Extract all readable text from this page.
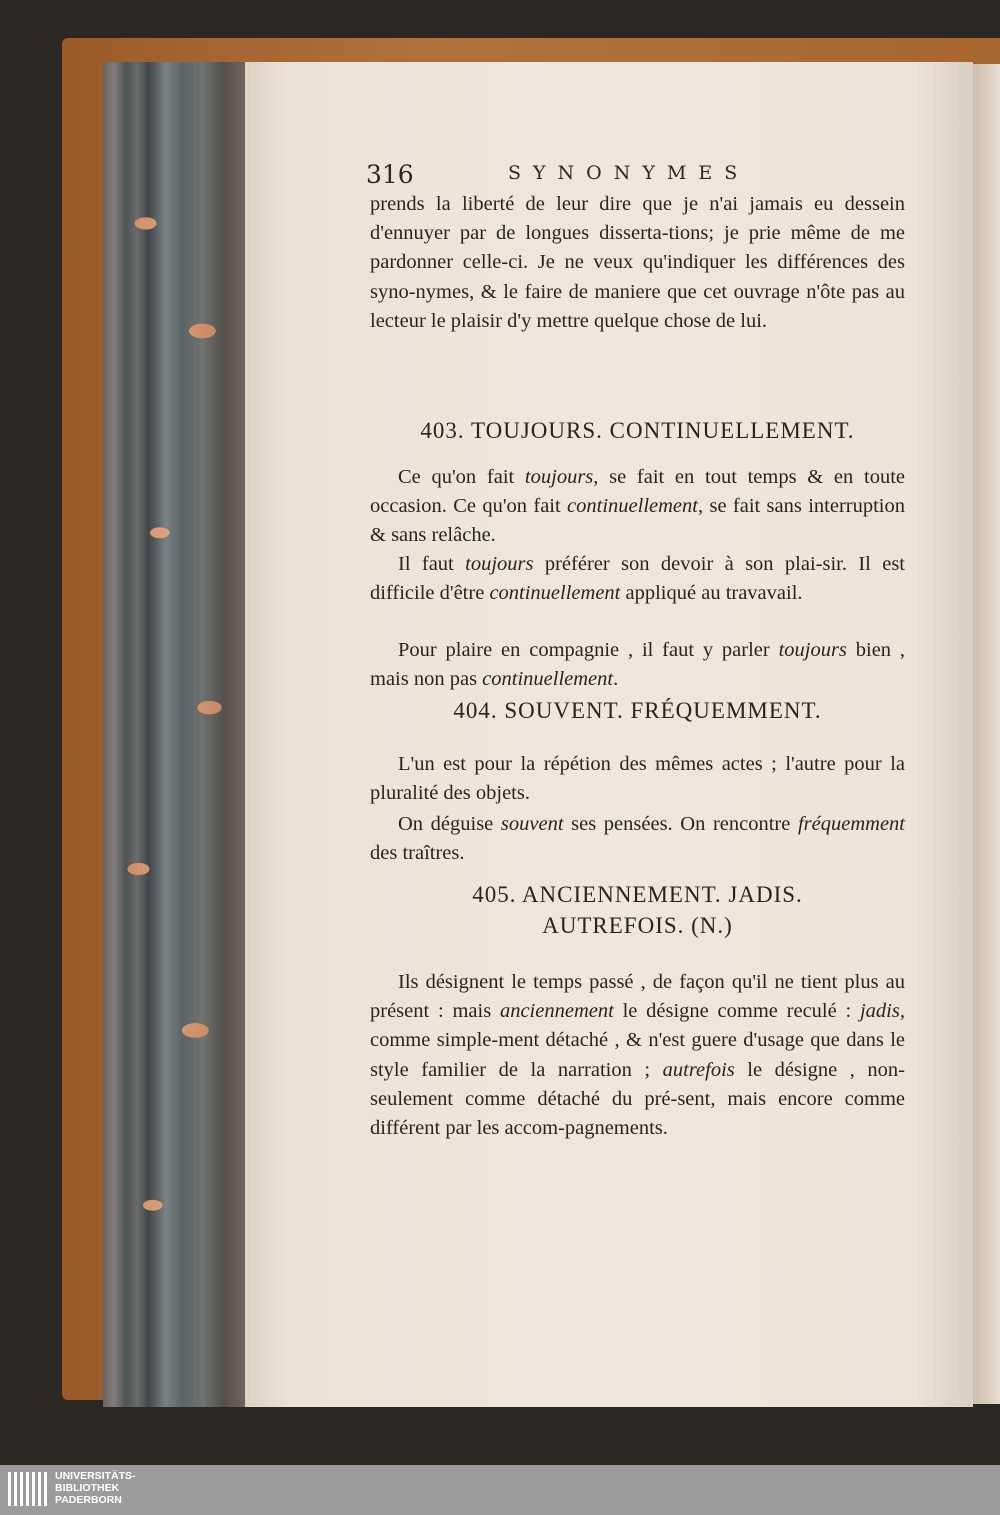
316	SYNONYMES

prends la liberté de leur dire que je n'ai jamais eu dessein d'ennuyer par de longues disserta-tions; je prie même de me pardonner celle-ci. Je ne veux qu'indiquer les différences des syno-nymes, & le faire de maniere que cet ouvrage n'ôte pas au lecteur le plaisir d'y mettre quelque chose de lui.

403. TOUJOURS. CONTINUELLEMENT.

Ce qu'on fait toujours, se fait en tout temps & en toute occasion. Ce qu'on fait continuellement, se fait sans interruption & sans relâche.

Il faut toujours préférer son devoir à son plai-sir. Il est difficile d'être continuellement appliqué au travavail.

Pour plaire en compagnie , il faut y parler toujours bien , mais non pas continuellement.

404. SOUVENT. FRÉQUEMMENT.

L'un est pour la répétion des mêmes actes ; l'autre pour la pluralité des objets.

On déguise souvent ses pensées. On rencontre fréquemment des traîtres.

405. ANCIENNEMENT. JADIS.

AUTREFOIS. (N.)

Ils désignent le temps passé , de façon qu'il ne tient plus au présent : mais anciennement le désigne comme reculé : jadis, comme simple-ment détaché , & n'est guere d'usage que dans le style familier de la narration ; autrefois le désigne , non-seulement comme détaché du pré-sent, mais encore comme différent par les accom-pagnements.

UNIVERSITÄTS-
BIBLIOTHEK
PADERBORN
